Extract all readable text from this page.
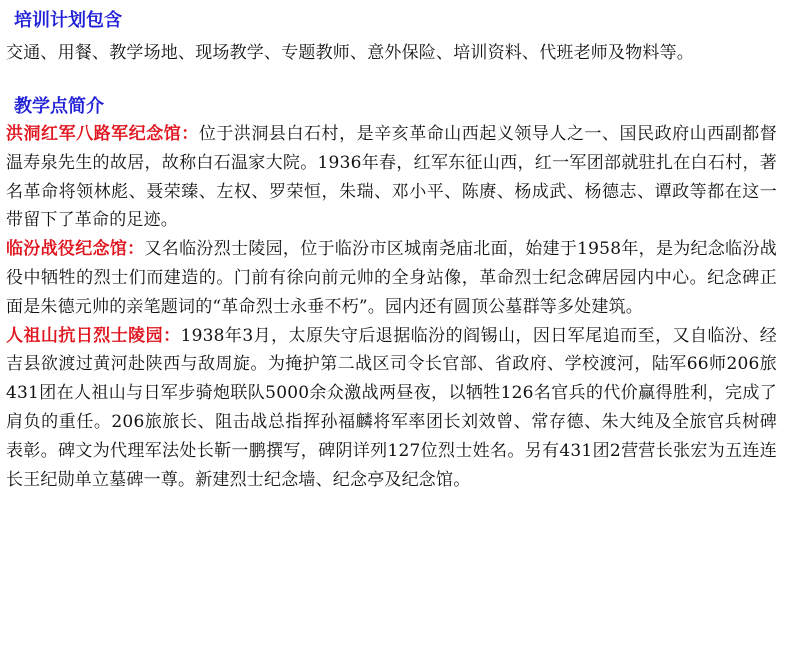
培训计划包含

交通、用餐、教学场地、现场教学、专题教师、意外保险、培训资料、代班老师及物料等。

教学点简介

洪洞红军八路军纪念馆：位于洪洞县白石村，是辛亥革命山西起义领导人之一、国民政府山西副都督温寿泉先生的故居，故称白石温家大院。1936年春，红军东征山西，红一军团部就驻扎在白石村，著名革命将领林彪、聂荣臻、左权、罗荣恒，朱瑞、邓小平、陈赓、杨成武、杨德志、谭政等都在这一带留下了革命的足迹。

临汾战役纪念馆：又名临汾烈士陵园，位于临汾市区城南尧庙北面，始建于1958年，是为纪念临汾战役中牺牲的烈士们而建造的。门前有徐向前元帅的全身站像，革命烈士纪念碑居园内中心。纪念碑正面是朱德元帅的亲笔题词的“革命烈士永垂不朽”。园内还有圆顶公墓群等多处建筑。

人祖山抗日烈士陵园：1938年3月，太原失守后退据临汾的阎锡山，因日军尾追而至，又自临汾、经吉县欲渡过黄河赴陕西与敌周旋。为掩护第二战区司令长官部、省政府、学校渡河，陆军66师206旅431团在人祖山与日军步骑炮联队5000余众激战两昼夜，以牺牲126名官兵的代价赢得胜利，完成了肩负的重任。206旅旅长、阻击战总指挥孙福麟将军率团长刘效曾、常存德、朱大纯及全旅官兵树碑表彰。碑文为代理军法处长靳一鹏撰写，碑阴详列127位烈士姓名。另有431团2营营长张宏为五连连长王纪勋单立墓碑一尊。新建烈士纪念墙、纪念亭及纪念馆。
